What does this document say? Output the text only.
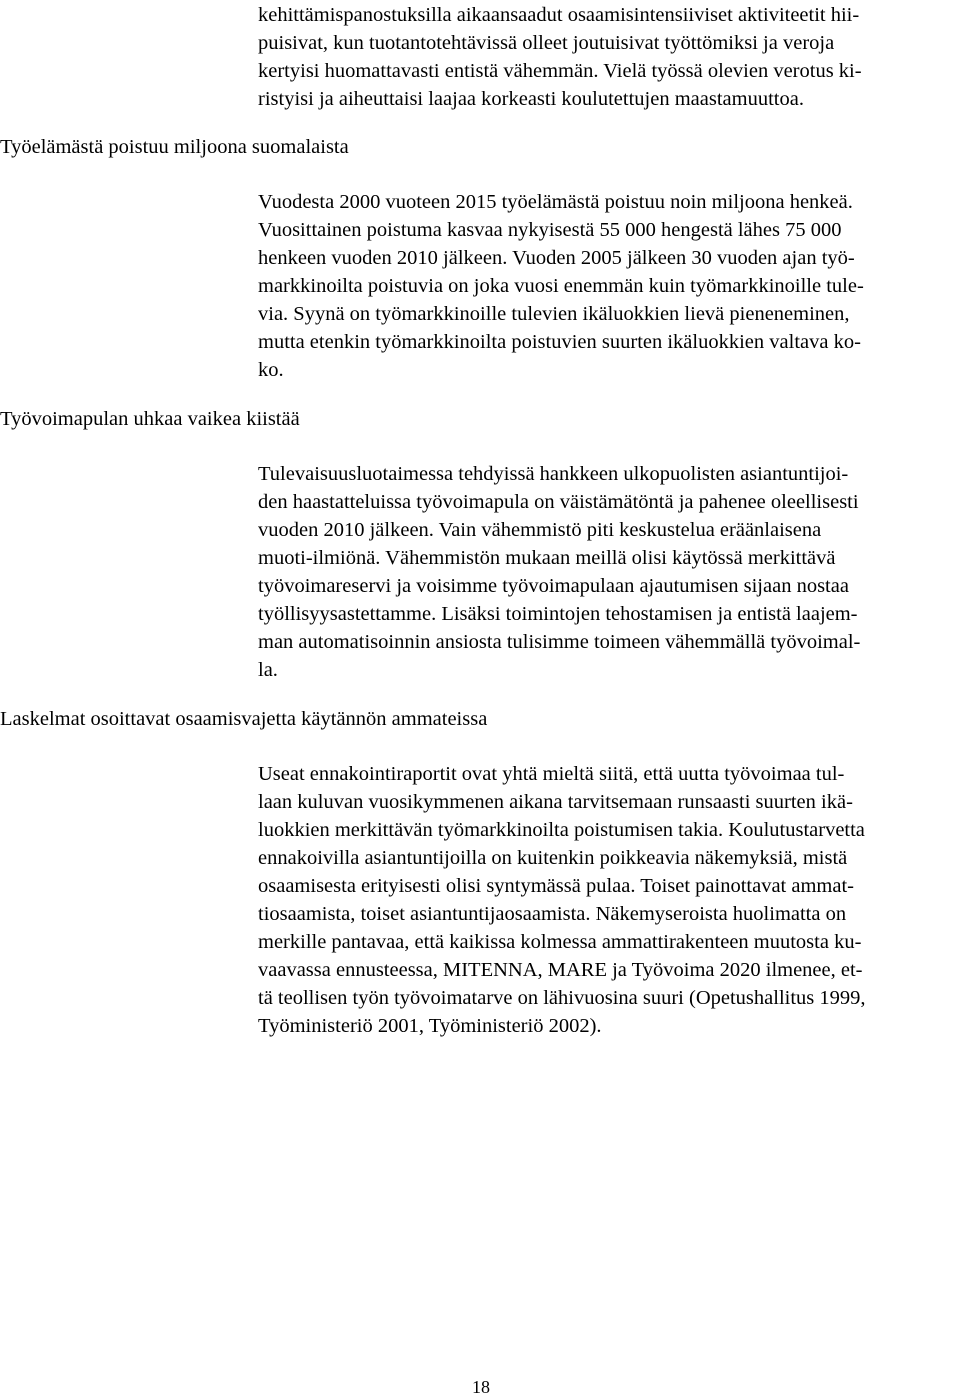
kehittämispanostuksilla aikaansaadut osaamisintensiiviset aktiviteetit hii-
puisivat, kun tuotantotehtävissä olleet joutuisivat työttömiksi ja veroja
kertyisi huomattavasti entistä vähemmän. Vielä työssä olevien verotus ki-
ristyisi ja aiheuttaisi laajaa korkeasti koulutettujen maastamuuttoa.
Työelämästä poistuu miljoona suomalaista
Vuodesta 2000 vuoteen 2015 työelämästä poistuu noin miljoona henkeä.
Vuosittainen poistuma kasvaa nykyisestä 55 000 hengestä lähes 75 000
henkeen vuoden 2010 jälkeen. Vuoden 2005 jälkeen 30 vuoden ajan työ-
markkinoilta poistuvia on joka vuosi enemmän kuin työmarkkinoille tule-
via. Syynä on työmarkkinoille tulevien ikäluokkien lievä pieneneminen,
mutta etenkin työmarkkinoilta poistuvien suurten ikäluokkien valtava ko-
ko.
Työvoimapulan uhkaa vaikea kiistää
Tulevaisuusluotaimessa tehdyissä hankkeen ulkopuolisten asiantuntijoi-
den haastatteluissa työvoimapula on väistämätöntä ja pahenee oleellisesti
vuoden 2010 jälkeen. Vain vähemmistö piti keskustelua eräänlaisena
muoti-ilmiönä. Vähemmistön mukaan meillä olisi käytössä merkittävä
työvoimareservi ja voisimme työvoimapulaan ajautumisen sijaan nostaa
työllisyysastettamme. Lisäksi toimintojen tehostamisen ja entistä laajem-
man automatisoinnin ansiosta tulisimme toimeen vähemmällä työvoimal-
la.
Laskelmat osoittavat osaamisvajetta käytännön ammateissa
Useat ennakointiraportit ovat yhtä mieltä siitä, että uutta työvoimaa tul-
laan kuluvan vuosikymmenen aikana tarvitsemaan runsaasti suurten ikä-
luokkien merkittävän työmarkkinoilta poistumisen takia. Koulutustarvetta
ennakoivilla asiantuntijoilla on kuitenkin poikkeavia näkemyksiä, mistä
osaamisesta erityisesti olisi syntymässä pulaa. Toiset painottavat ammat-
tiosaamista, toiset asiantuntijaosaamista. Näkemyseroista huolimatta on
merkille pantavaa, että kaikissa kolmessa ammattirakenteen muutosta ku-
vaavassa ennusteessa, MITENNA, MARE ja Työvoima 2020 ilmenee, et-
tä teollisen työn työvoimatarve on lähivuosina suuri (Opetushallitus 1999,
Työministeriö 2001, Työministeriö 2002).
18
